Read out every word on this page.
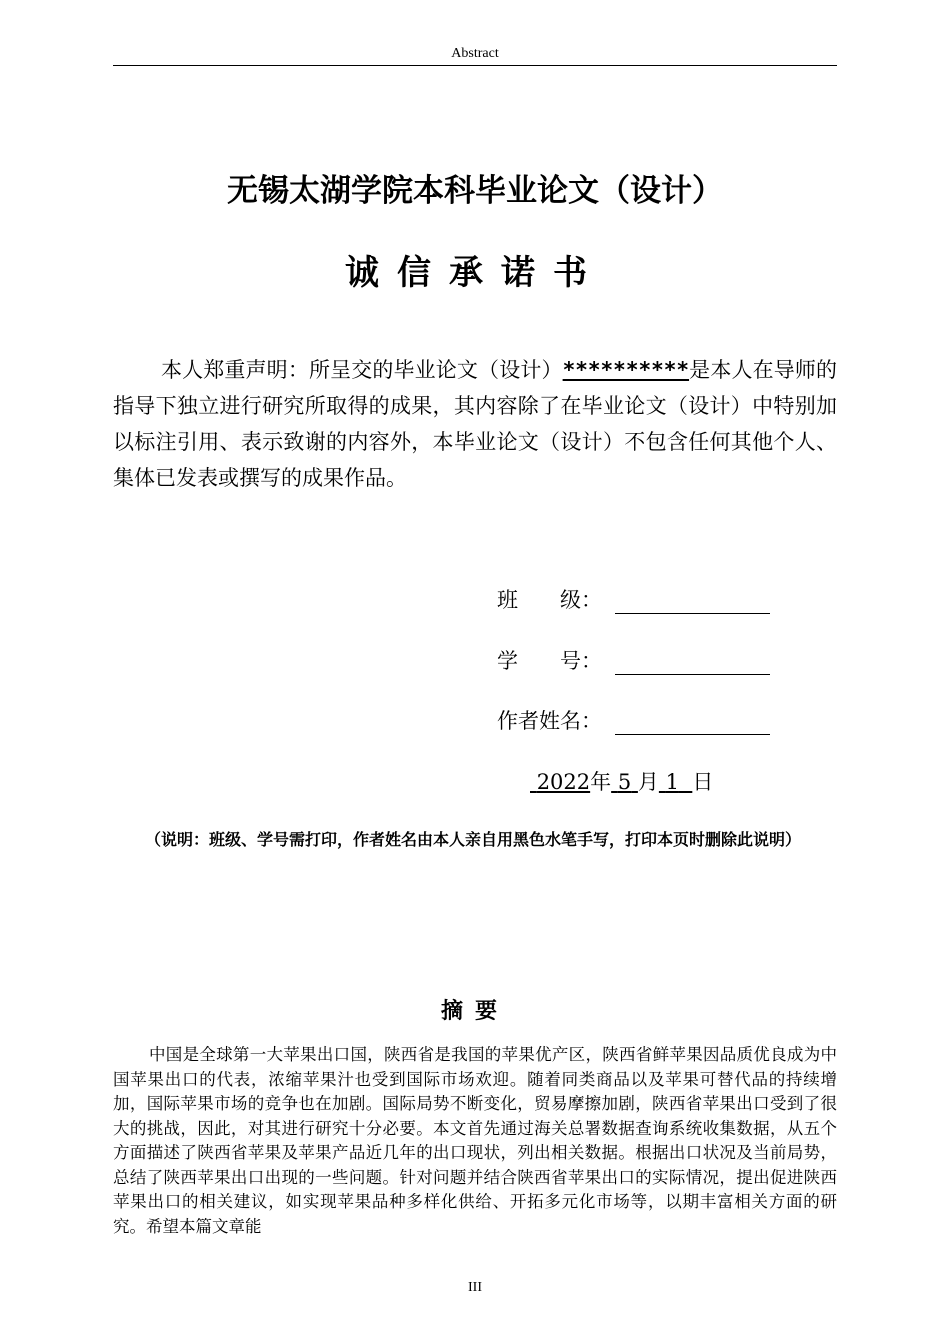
Abstract
无锡太湖学院本科毕业论文（设计）
诚信承诺书
本人郑重声明：所呈交的毕业论文（设计）**********是本人在导师的指导下独立进行研究所取得的成果，其内容除了在毕业论文（设计）中特别加以标注引用、表示致谢的内容外，本毕业论文（设计）不包含任何其他个人、集体已发表或撰写的成果作品。
班　　级：
学　　号：
作者姓名：
2022年 5 月 1 日
（说明：班级、学号需打印，作者姓名由本人亲自用黑色水笔手写，打印本页时删除此说明）
摘要
中国是全球第一大苹果出口国，陕西省是我国的苹果优产区，陕西省鲜苹果因品质优良成为中国苹果出口的代表，浓缩苹果汁也受到国际市场欢迎。随着同类商品以及苹果可替代品的持续增加，国际苹果市场的竞争也在加剧。国际局势不断变化，贸易摩擦加剧，陕西省苹果出口受到了很大的挑战，因此，对其进行研究十分必要。本文首先通过海关总署数据查询系统收集数据，从五个方面描述了陕西省苹果及苹果产品近几年的出口现状，列出相关数据。根据出口状况及当前局势，总结了陕西苹果出口出现的一些问题。针对问题并结合陕西省苹果出口的实际情况，提出促进陕西苹果出口的相关建议，如实现苹果品种多样化供给、开拓多元化市场等，以期丰富相关方面的研究。希望本篇文章能
III
